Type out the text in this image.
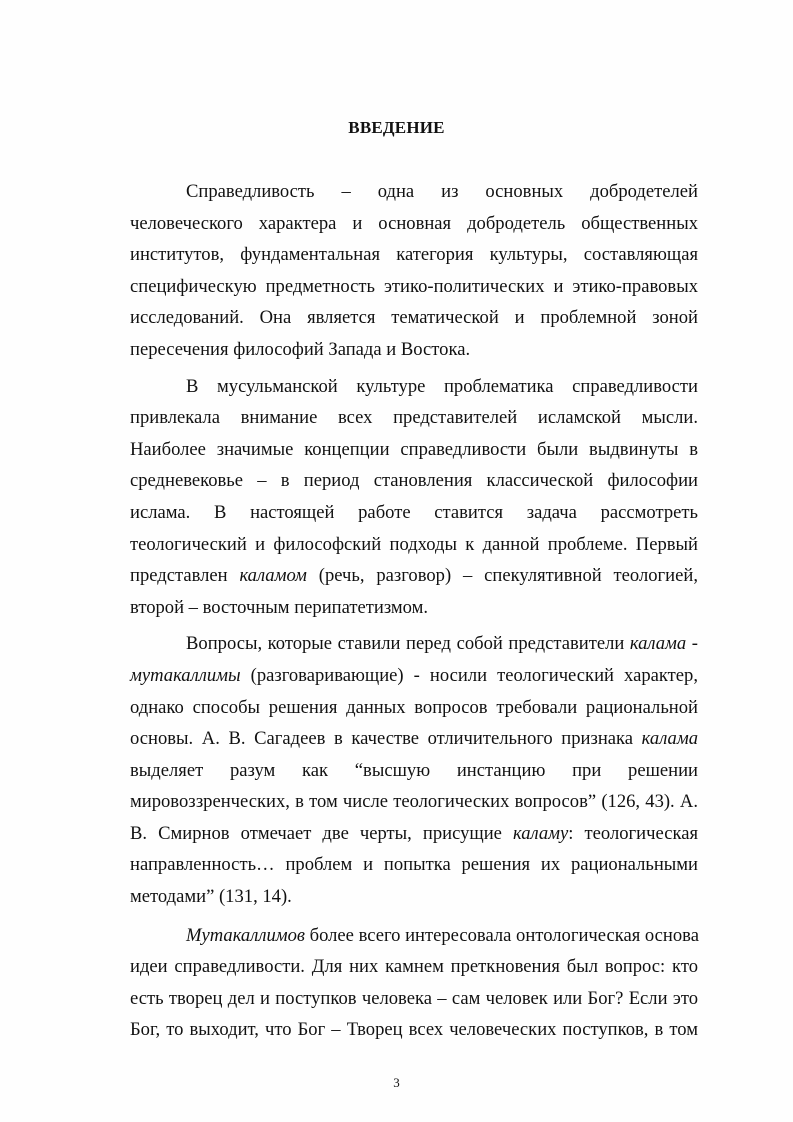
ВВЕДЕНИЕ
Справедливость – одна из основных добродетелей
человеческого характера и основная добродетель общественных
институтов, фундаментальная категория культуры, составляющая
специфическую предметность этико-политических и этико-правовых
исследований. Она является тематической и проблемной зоной
пересечения философий Запада и Востока.
В мусульманской культуре проблематика справедливости
привлекала внимание всех представителей исламской мысли.
Наиболее значимые концепции справедливости были выдвинуты в
средневековье – в период становления классической философии
ислама. В настоящей работе ставится задача рассмотреть
теологический и философский подходы к данной проблеме. Первый
представлен каламом (речь, разговор) – спекулятивной теологией,
второй – восточным перипатетизмом.
Вопросы, которые ставили перед собой представители калама -
мутакаллимы (разговаривающие) - носили теологический характер,
однако способы решения данных вопросов требовали рациональной
основы. А. В. Сагадеев в качестве отличительного признака калама
выделяет разум как “высшую инстанцию при решении
мировоззренческих, в том числе теологических вопросов” (126, 43). А.
В. Смирнов отмечает две черты, присущие каламу: теологическая
направленность… проблем и попытка решения их рациональными
методами” (131, 14).
Мутакаллимов более всего интересовала онтологическая основа
идеи справедливости. Для них камнем преткновения был вопрос: кто
есть творец дел и поступков человека – сам человек или Бог? Если это
Бог, то выходит, что Бог – Творец всех человеческих поступков, в том
3
